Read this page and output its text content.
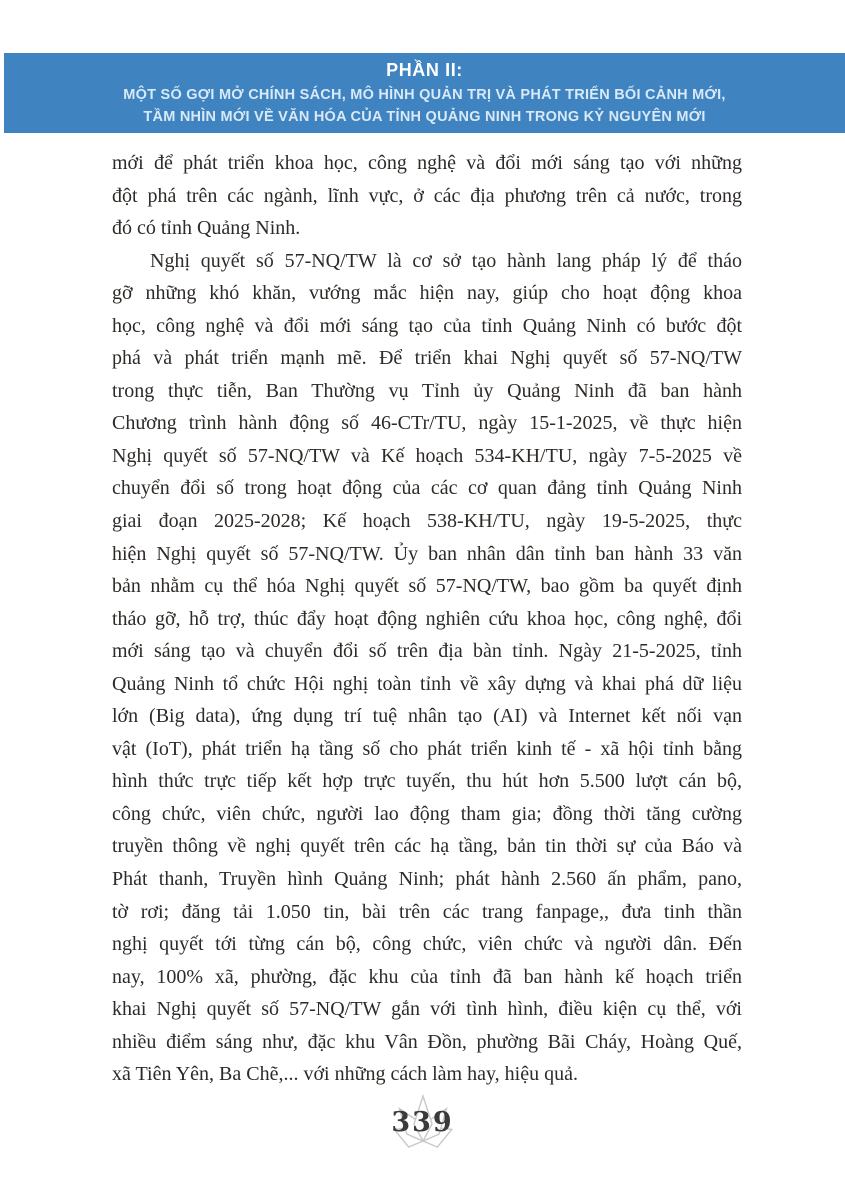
PHẦN II:
MỘT SỐ GỢI MỞ CHÍNH SÁCH, MÔ HÌNH QUẢN TRỊ VÀ PHÁT TRIỂN BỐI CẢNH MỚI,
TẦM NHÌN MỚI VỀ VĂN HÓA CỦA TỈNH QUẢNG NINH TRONG KỶ NGUYÊN MỚI
mới để phát triển khoa học, công nghệ và đổi mới sáng tạo với những
đột phá trên các ngành, lĩnh vực, ở các địa phương trên cả nước, trong
đó có tỉnh Quảng Ninh.
Nghị quyết số 57-NQ/TW là cơ sở tạo hành lang pháp lý để tháo
gỡ những khó khăn, vướng mắc hiện nay, giúp cho hoạt động khoa
học, công nghệ và đổi mới sáng tạo của tỉnh Quảng Ninh có bước đột
phá và phát triển mạnh mẽ. Để triển khai Nghị quyết số 57-NQ/TW
trong thực tiễn, Ban Thường vụ Tỉnh ủy Quảng Ninh đã ban hành
Chương trình hành động số 46-CTr/TU, ngày 15-1-2025, về thực hiện
Nghị quyết số 57-NQ/TW và Kế hoạch 534-KH/TU, ngày 7-5-2025 về
chuyển đổi số trong hoạt động của các cơ quan đảng tỉnh Quảng Ninh
giai đoạn 2025-2028; Kế hoạch 538-KH/TU, ngày 19-5-2025, thực
hiện Nghị quyết số 57-NQ/TW. Ủy ban nhân dân tỉnh ban hành 33 văn
bản nhằm cụ thể hóa Nghị quyết số 57-NQ/TW, bao gồm ba quyết định
tháo gỡ, hỗ trợ, thúc đẩy hoạt động nghiên cứu khoa học, công nghệ, đổi
mới sáng tạo và chuyển đổi số trên địa bàn tỉnh. Ngày 21-5-2025, tỉnh
Quảng Ninh tổ chức Hội nghị toàn tỉnh về xây dựng và khai phá dữ liệu
lớn (Big data), ứng dụng trí tuệ nhân tạo (AI) và Internet kết nối vạn
vật (IoT), phát triển hạ tầng số cho phát triển kinh tế - xã hội tỉnh bằng
hình thức trực tiếp kết hợp trực tuyến, thu hút hơn 5.500 lượt cán bộ,
công chức, viên chức, người lao động tham gia; đồng thời tăng cường
truyền thông về nghị quyết trên các hạ tầng, bản tin thời sự của Báo và
Phát thanh, Truyền hình Quảng Ninh; phát hành 2.560 ấn phẩm, pano,
tờ rơi; đăng tải 1.050 tin, bài trên các trang fanpage,, đưa tinh thần
nghị quyết tới từng cán bộ, công chức, viên chức và người dân. Đến
nay, 100% xã, phường, đặc khu của tỉnh đã ban hành kế hoạch triển
khai Nghị quyết số 57-NQ/TW gắn với tình hình, điều kiện cụ thể, với
nhiều điểm sáng như, đặc khu Vân Đồn, phường Bãi Cháy, Hoàng Quế,
xã Tiên Yên, Ba Chẽ,... với những cách làm hay, hiệu quả.
339
